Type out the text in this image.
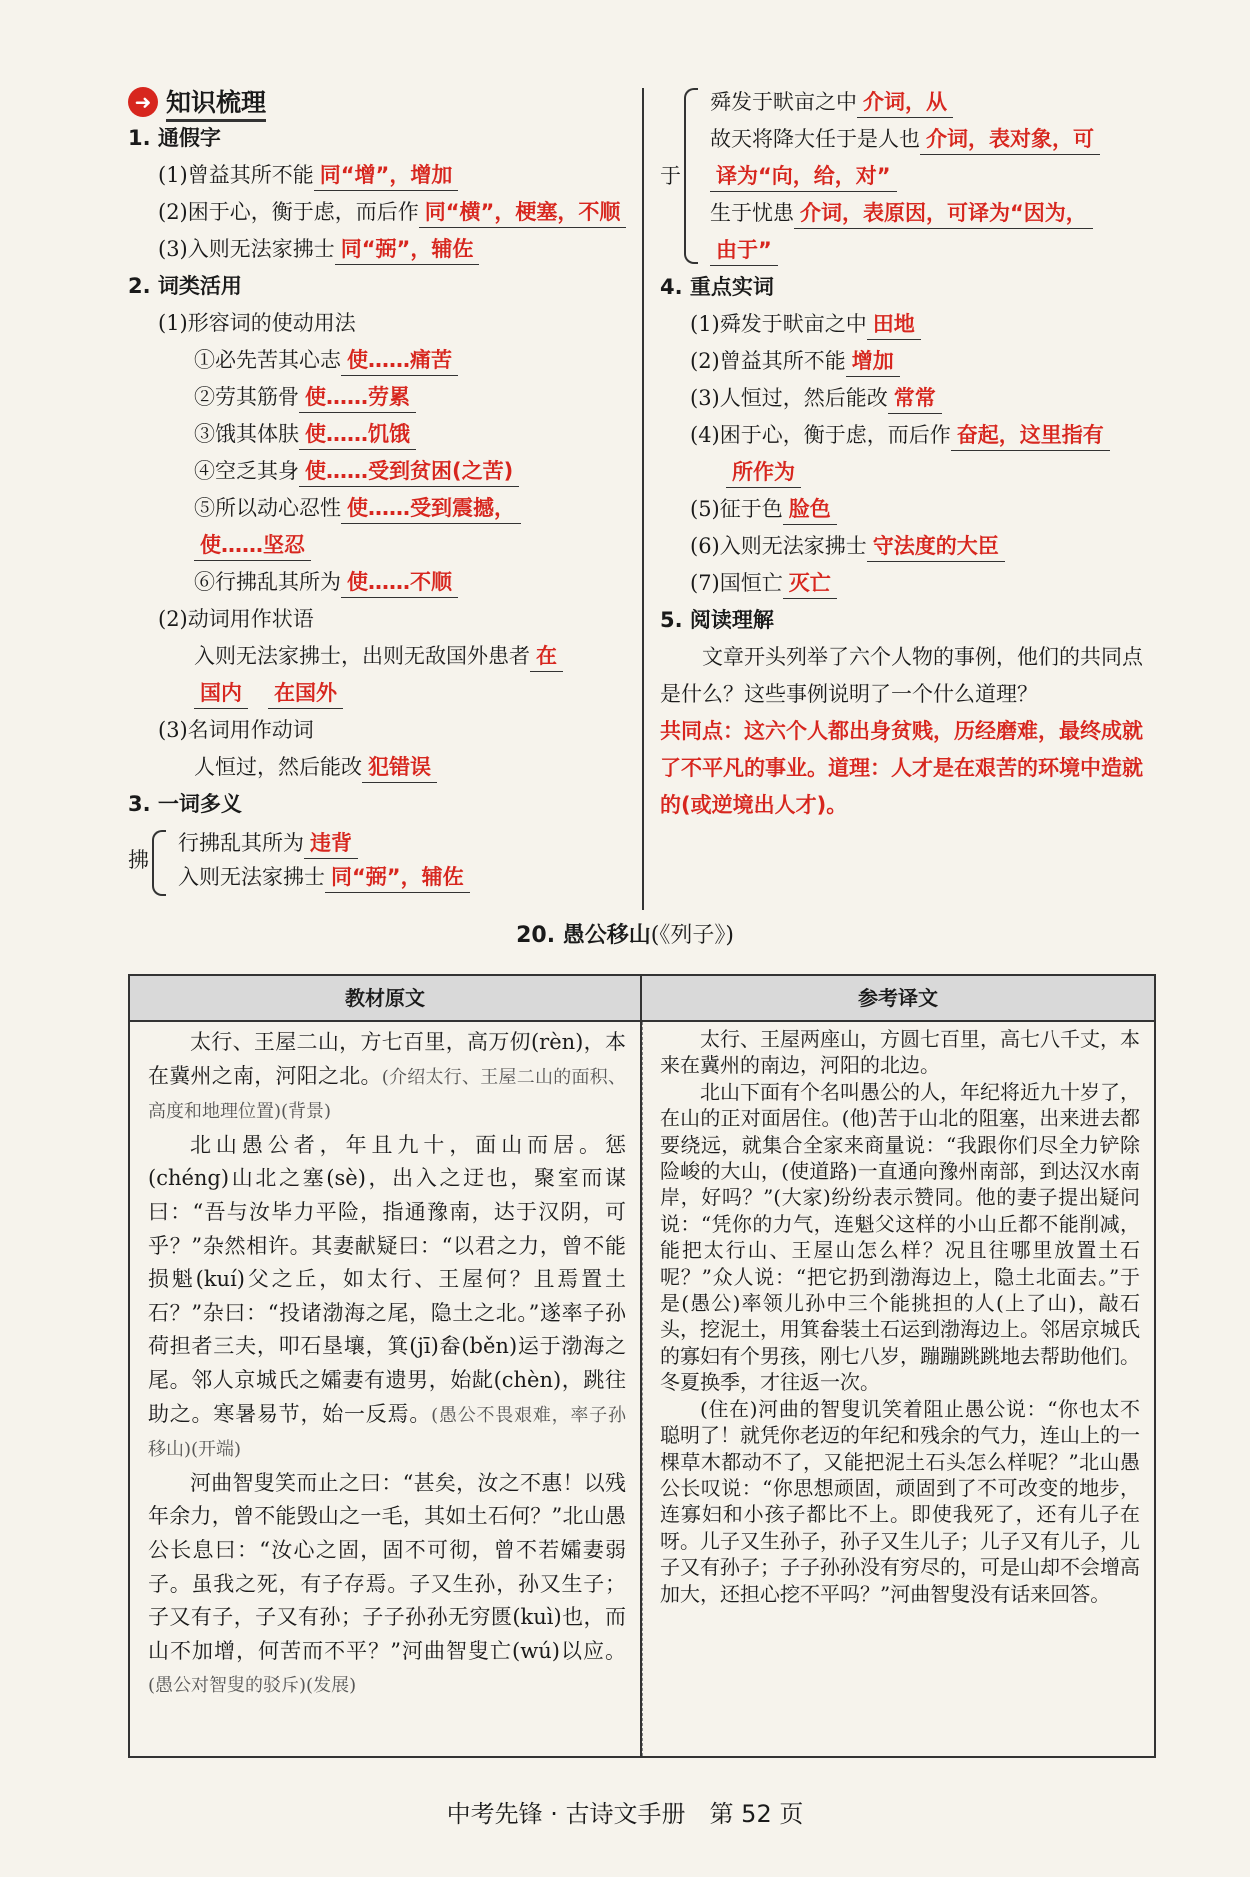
➜ 知识梳理
1. 通假字
(1)曾益其所不能 同“增”，增加
(2)困于心，衡于虑，而后作 同“横”，梗塞，不顺
(3)入则无法家拂士 同“弼”，辅佐
2. 词类活用
(1)形容词的使动用法
①必先苦其心志 使……痛苦
②劳其筋骨 使……劳累
③饿其体肤 使……饥饿
④空乏其身 使……受到贫困(之苦)
⑤所以动心忍性 使……受到震撼，
使……坚忍
⑥行拂乱其所为 使……不顺
(2)动词用作状语
入则无法家拂士，出则无敌国外患者 在
国内 在国外
(3)名词用作动词
人恒过，然后能改 犯错误
3. 一词多义
拂
行拂乱其所为 违背
入则无法家拂士 同“弼”，辅佐
于
舜发于畎亩之中 介词，从
故天将降大任于是人也 介词，表对象，可
译为“向，给，对”
生于忧患 介词，表原因，可译为“因为，
由于”
4. 重点实词
(1)舜发于畎亩之中 田地
(2)曾益其所不能 增加
(3)人恒过，然后能改 常常
(4)困于心，衡于虑，而后作 奋起，这里指有
所作为
(5)征于色 脸色
(6)入则无法家拂士 守法度的大臣
(7)国恒亡 灭亡
5. 阅读理解
文章开头列举了六个人物的事例，他们的共同点是什么？这些事例说明了一个什么道理？
共同点：这六个人都出身贫贱，历经磨难，最终成就了不平凡的事业。道理：人才是在艰苦的环境中造就的(或逆境出人才)。
20. 愚公移山(《列子》)
教材原文	参考译文

太行、王屋二山，方七百里，高万仞(rèn)，本在冀州之南，河阳之北。(介绍太行、王屋二山的面积、高度和地理位置)(背景)

北山愚公者，年且九十，面山而居。惩(chéng)山北之塞(sè)，出入之迂也，聚室而谋曰：“吾与汝毕力平险，指通豫南，达于汉阴，可乎？”杂然相许。其妻献疑曰：“以君之力，曾不能损魁(kuí)父之丘，如太行、王屋何？且焉置土石？”杂曰：“投诸渤海之尾，隐土之北。”遂率子孙荷担者三夫，叩石垦壤，箕(jī)畚(běn)运于渤海之尾。邻人京城氏之孀妻有遗男，始龀(chèn)，跳往助之。寒暑易节，始一反焉。(愚公不畏艰难，率子孙移山)(开端)

河曲智叟笑而止之曰：“甚矣，汝之不惠！以残年余力，曾不能毁山之一毛，其如土石何？”北山愚公长息曰：“汝心之固，固不可彻，曾不若孀妻弱子。虽我之死，有子存焉。子又生孙，孙又生子；子又有子，子又有孙；子子孙孙无穷匮(kuì)也，而山不加增，何苦而不平？”河曲智叟亡(wú)以应。(愚公对智叟的驳斥)(发展)

太行、王屋两座山，方圆七百里，高七八千丈，本来在冀州的南边，河阳的北边。

北山下面有个名叫愚公的人，年纪将近九十岁了，在山的正对面居住。(他)苦于山北的阻塞，出来进去都要绕远，就集合全家来商量说：“我跟你们尽全力铲除险峻的大山，(使道路)一直通向豫州南部，到达汉水南岸，好吗？”(大家)纷纷表示赞同。他的妻子提出疑问说：“凭你的力气，连魁父这样的小山丘都不能削减，能把太行山、王屋山怎么样？况且往哪里放置土石呢？”众人说：“把它扔到渤海边上，隐土北面去。”于是(愚公)率领儿孙中三个能挑担的人(上了山)，敲石头，挖泥土，用箕畚装土石运到渤海边上。邻居京城氏的寡妇有个男孩，刚七八岁，蹦蹦跳跳地去帮助他们。冬夏换季，才往返一次。

(住在)河曲的智叟讥笑着阻止愚公说：“你也太不聪明了！就凭你老迈的年纪和残余的气力，连山上的一棵草木都动不了，又能把泥土石头怎么样呢？”北山愚公长叹说：“你思想顽固，顽固到了不可改变的地步，连寡妇和小孩子都比不上。即使我死了，还有儿子在呀。儿子又生孙子，孙子又生儿子；儿子又有儿子，儿子又有孙子；子子孙孙没有穷尽的，可是山却不会增高加大，还担心挖不平吗？”河曲智叟没有话来回答。

中考先锋 · 古诗文手册　第 52 页
